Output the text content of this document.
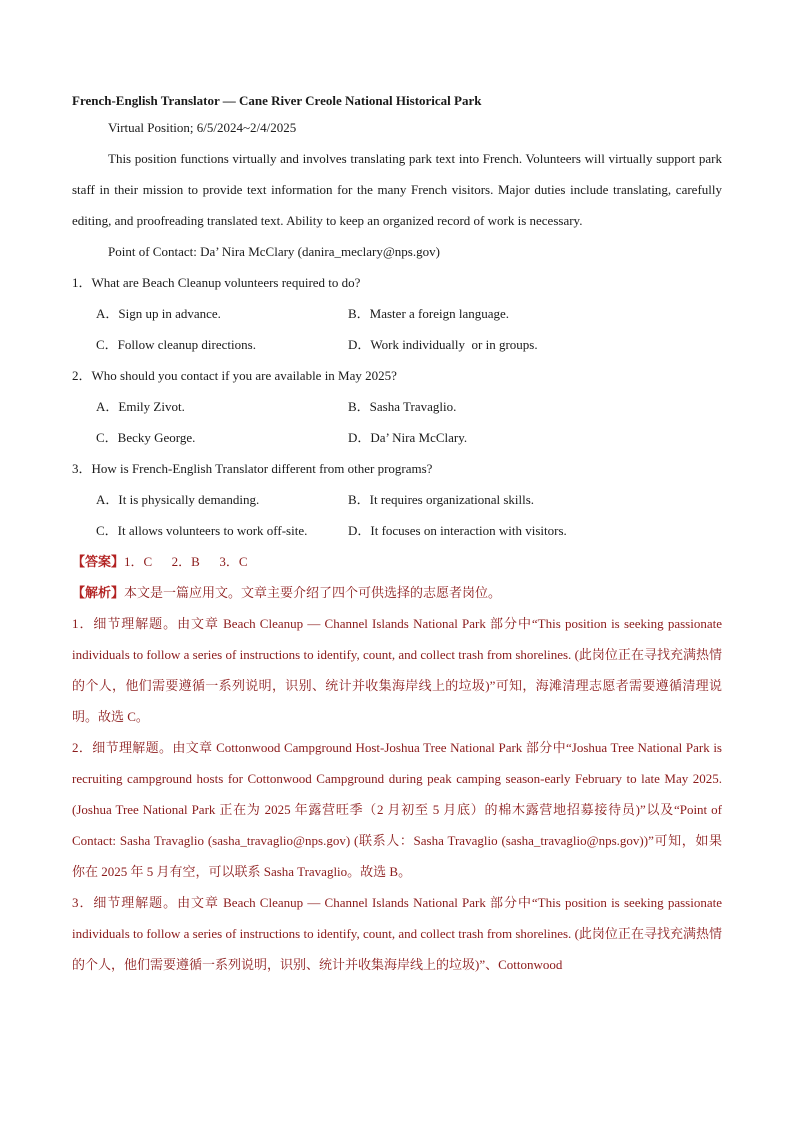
French-English Translator — Cane River Creole National Historical Park

Virtual Position; 6/5/2024~2/4/2025

This position functions virtually and involves translating park text into French. Volunteers will virtually support park staff in their mission to provide text information for the many French visitors. Major duties include translating, carefully editing, and proofreading translated text. Ability to keep an organized record of work is necessary.

Point of Contact: Da’ Nira McClary (danira_meclary@nps.gov)

1．What are Beach Cleanup volunteers required to do?

A．Sign up in advance.	B．Master a foreign language.
C．Follow cleanup directions.	D．Work individually  or in groups.

2．Who should you contact if you are available in May 2025?

A．Emily Zivot.	B．Sasha Travaglio.
C．Becky George.	D．Da’ Nira McClary.

3．How is French-English Translator different from other programs?

A．It is physically demanding.	B．It requires organizational skills.
C．It allows volunteers to work off-site.	D．It focuses on interaction with visitors.

【答案】1．C      2．B      3．C

【解析】本文是一篇应用文。文章主要介绍了四个可供选择的志愿者岗位。

1．细节理解题。由文章 Beach Cleanup — Channel Islands National Park 部分中“This position is seeking passionate individuals to follow a series of instructions to identify, count, and collect trash from shorelines. (此岗位正在寻找充满热情的个人，他们需要遵循一系列说明，识别、统计并收集海岸线上的垃圾)”可知，海滩清理志愿者需要遵循清理说明。故选 C。

2．细节理解题。由文章 Cottonwood Campground Host-Joshua Tree National Park 部分中“Joshua Tree National Park is recruiting campground hosts for Cottonwood Campground during peak camping season-early February to late May 2025. (Joshua Tree National Park 正在为 2025 年露营旺季（2 月初至 5 月底）的棉木露营地招募接待员)”以及“Point of Contact: Sasha Travaglio (sasha_travaglio@nps.gov) (联系人：Sasha Travaglio (sasha_travaglio@nps.gov))”可知，如果你在 2025 年 5 月有空，可以联系 Sasha Travaglio。故选 B。

3．细节理解题。由文章 Beach Cleanup — Channel Islands National Park 部分中“This position is seeking passionate individuals to follow a series of instructions to identify, count, and collect trash from shorelines. (此岗位正在寻找充满热情的个人，他们需要遵循一系列说明，识别、统计并收集海岸线上的垃圾)”、Cottonwood
